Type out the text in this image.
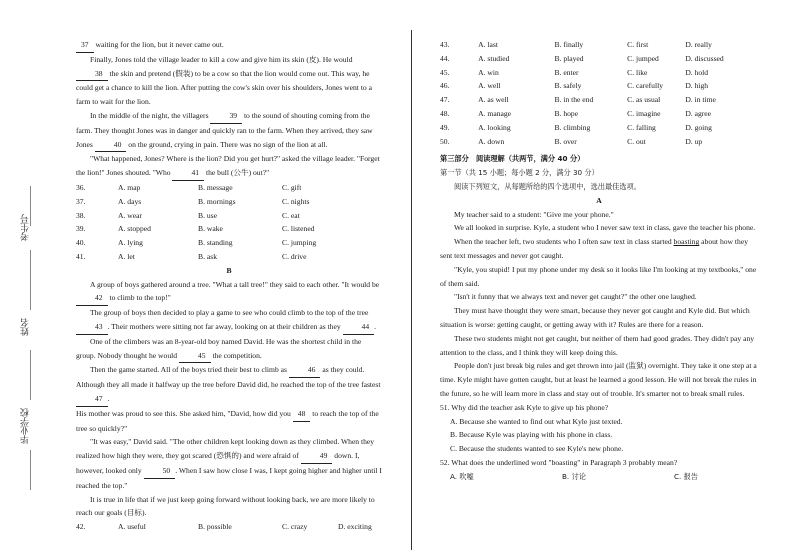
考生号
姓名
毕业学校

37 waiting for the lion, but it never came out.

Finally, Jones told the village leader to kill a cow and give him its skin (皮). He would 38 the skin and pretend (假装) to be a cow so that the lion would come out. This way, he could get a chance to kill the lion. After putting the cow's skin over his shoulders, Jones went to a farm to wait for the lion.

In the middle of the night, the villagers	39 to the sound of shouting coming from the farm. They thought Jones was in danger and quickly ran to the farm. When they arrived, they saw Jones	40 on the ground, crying in pain. There was no sign of the lion at all.

"What happened, Jones? Where is the lion? Did you get hurt?" asked the village leader. "Forget the lion!" Jones shouted. "Who	41 the bull (公牛) out?"

36.	A. map	B. message	C. gift
37.	A. days	B. mornings	C. nights
38.	A. wear	B. use	C. eat
39.	A. stopped	B. wake	C. listened
40.	A. lying	B. standing	C. jumping
41.	A. let	B. ask	C. drive

B

A group of boys gathered around a tree. "What a tall tree!" they said to each other. "It would be 42 to climb to the top!"

The group of boys then decided to play a game to see who could climb to the top of the tree 43 . Their mothers were sitting not far away, looking on at their children as they	44 .

One of the climbers was an 8-year-old boy named David. He was the shortest child in the group. Nobody thought he would	45 the competition.

Then the game started. All of the boys tried their best to climb as	46 as they could. Although they all made it halfway up the tree before David did, he reached the top of the tree fastest 47 .

His mother was proud to see this. She asked him, "David, how did you 48 to reach the top of the tree so quickly?"

"It was easy," David said. "The other children kept looking down as they climbed. When they realized how high they were, they got scared (恐惧的) and were afraid of	49 down. I, however, looked only	50 . When I saw how close I was, I kept going higher and higher until I reached the top."

It is true in life that if we just keep going forward without looking back, we are more likely to reach our goals (目标).

42.	A. useful	B. possible	C. crazy	D. exciting
43.	A. last	B. finally	C. first	D. really
44.	A. studied	B. played	C. jumped	D. discussed
45.	A. win	B. enter	C. like	D. hold
46.	A. well	B. safely	C. carefully	D. high
47.	A. as well	B. in the end	C. as usual	D. in time
48.	A. manage	B. hope	C. imagine	D. agree
49.	A. looking	B. climbing	C. falling	D. going
50.	A. down	B. over	C. out	D. up

第三部分　阅读理解（共两节，满分 40 分）

第一节（共 15 小题；每小题 2 分，满分 30 分）

阅读下列短文，从每题所给的四个选项中，选出最佳选项。

A

My teacher said to a student: "Give me your phone."

We all looked in surprise. Kyle, a student who I never saw text in class, gave the teacher his phone.

When the teacher left, two students who I often saw text in class started boasting about how they sent text messages and never got caught.

"Kyle, you stupid! I put my phone under my desk so it looks like I'm looking at my textbooks," one of them said.

"Isn't it funny that we always text and never get caught?" the other one laughed.

They must have thought they were smart, because they never got caught and Kyle did. But which situation is worse: getting caught, or getting away with it? Rules are there for a reason.

These two students might not get caught, but neither of them had good grades. They didn't pay any attention to the class, and I think they will keep doing this.

People don't just break big rules and get thrown into jail (监狱) overnight. They take it one step at a time. Kyle might have gotten caught, but at least he learned a good lesson. He will not break the rules in the future, so he will learn more in class and stay out of trouble. It's smarter not to break small rules.

51. Why did the teacher ask Kyle to give up his phone?

A. Because she wanted to find out what Kyle just texted.

B. Because Kyle was playing with his phone in class.

C. Because the students wanted to see Kyle's new phone.

52. What does the underlined word "boasting" in Paragraph 3 probably mean?

A. 吹嘘	B. 讨论	C. 报告
